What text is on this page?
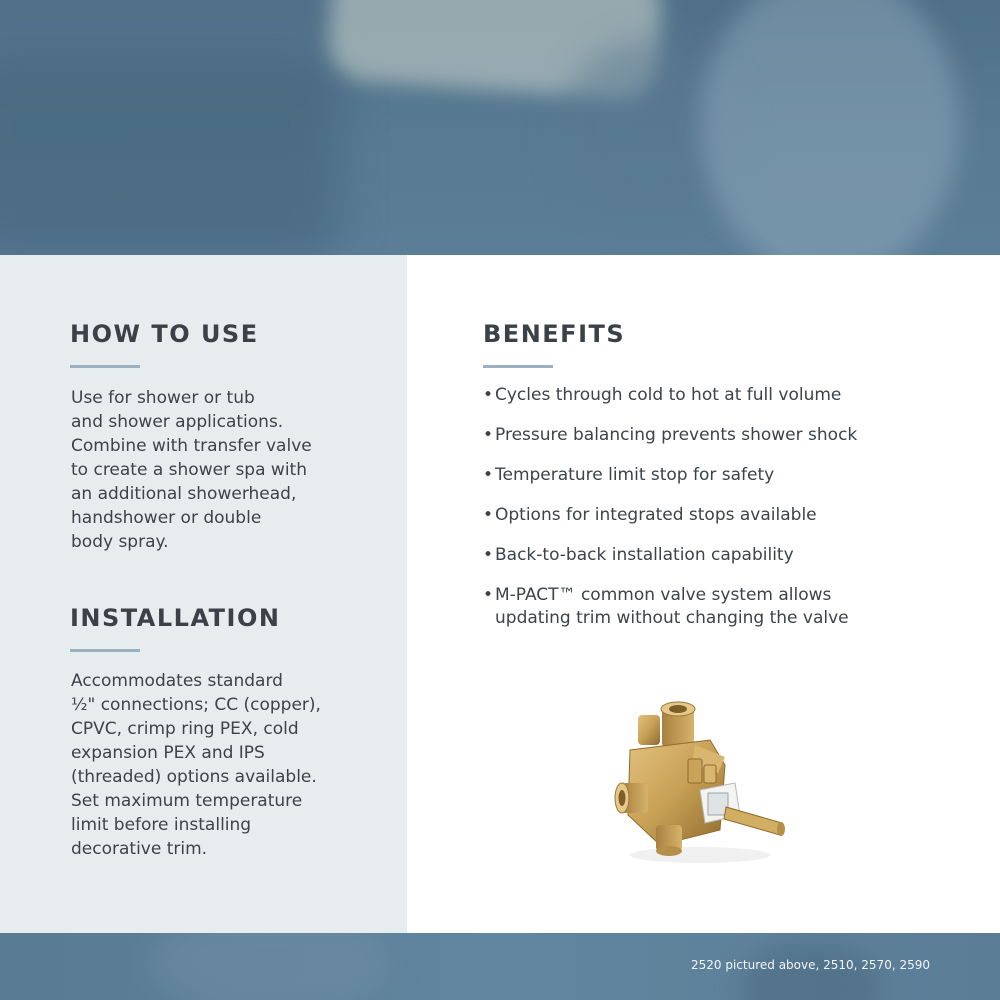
HOW TO USE

Use for shower or tub
and shower applications.
Combine with transfer valve
to create a shower spa with
an additional showerhead,
handshower or double
body spray.

INSTALLATION

Accommodates standard
½" connections; CC (copper),
CPVC, crimp ring PEX, cold
expansion PEX and IPS
(threaded) options available.
Set maximum temperature
limit before installing
decorative trim.

BENEFITS
• Cycles through cold to hot at full volume
• Pressure balancing prevents shower shock
• Temperature limit stop for safety
• Options for integrated stops available
• Back-to-back installation capability
• M-PACT™ common valve system allows
updating trim without changing the valve

2520 pictured above, 2510, 2570, 2590
